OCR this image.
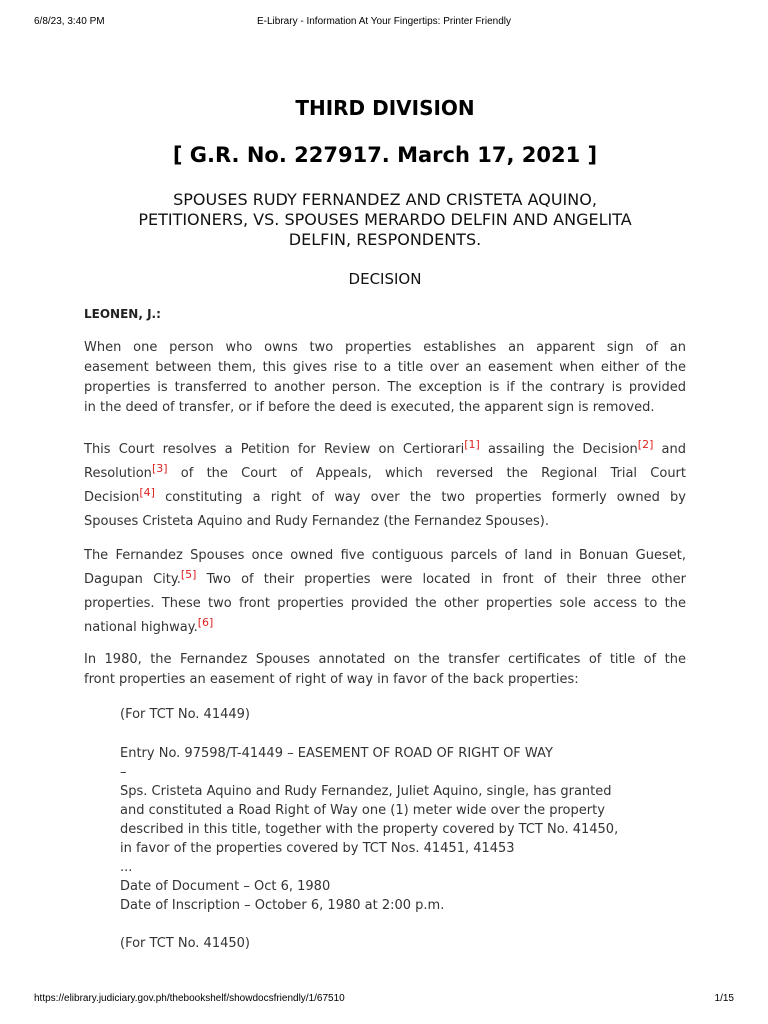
6/8/23, 3:40 PM	E-Library - Information At Your Fingertips: Printer Friendly
THIRD DIVISION
[ G.R. No. 227917. March 17, 2021 ]
SPOUSES RUDY FERNANDEZ AND CRISTETA AQUINO,
PETITIONERS, VS. SPOUSES MERARDO DELFIN AND ANGELITA
DELFIN, RESPONDENTS.
DECISION
LEONEN, J.:
When one person who owns two properties establishes an apparent sign of an
easement between them, this gives rise to a title over an easement when either of the
properties is transferred to another person. The exception is if the contrary is provided
in the deed of transfer, or if before the deed is executed, the apparent sign is removed.
This Court resolves a Petition for Review on Certiorari[1] assailing the Decision[2] and
Resolution[3] of the Court of Appeals, which reversed the Regional Trial Court
Decision[4] constituting a right of way over the two properties formerly owned by
Spouses Cristeta Aquino and Rudy Fernandez (the Fernandez Spouses).
The Fernandez Spouses once owned five contiguous parcels of land in Bonuan Gueset,
Dagupan City.[5] Two of their properties were located in front of their three other
properties. These two front properties provided the other properties sole access to the
national highway.[6]
In 1980, the Fernandez Spouses annotated on the transfer certificates of title of the
front properties an easement of right of way in favor of the back properties:
(For TCT No. 41449)
Entry No. 97598/T-41449 – EASEMENT OF ROAD OF RIGHT OF WAY
–
Sps. Cristeta Aquino and Rudy Fernandez, Juliet Aquino, single, has granted
and constituted a Road Right of Way one (1) meter wide over the property
described in this title, together with the property covered by TCT No. 41450,
in favor of the properties covered by TCT Nos. 41451, 41453
...
Date of Document – Oct 6, 1980
Date of Inscription – October 6, 1980 at 2:00 p.m.
(For TCT No. 41450)
https://elibrary.judiciary.gov.ph/thebookshelf/showdocsfriendly/1/67510	1/15
